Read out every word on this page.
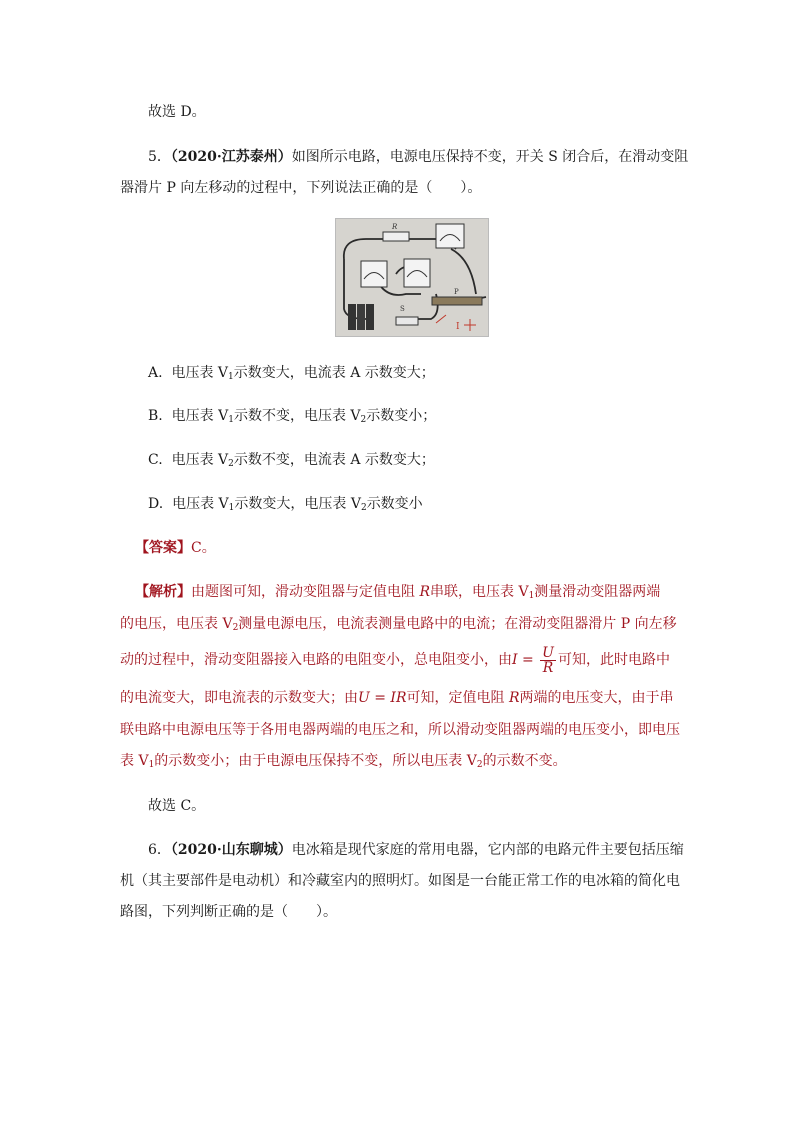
故选 D。
5．（2020·江苏泰州）如图所示电路，电源电压保持不变，开关 S 闭合后，在滑动变阻
器滑片 P 向左移动的过程中，下列说法正确的是（　　）。
R
S
P
I
A. 电压表 $V_1$示数变大，电流表 A 示数变大；
B. 电压表 $V_1$示数不变，电压表 $V_2$示数变小；
C. 电压表 $V_2$示数不变，电流表 A 示数变大；
D. 电压表 $V_1$示数变大，电压表 $V_2$示数变小
【答案】C。
【解析】由题图可知，滑动变阻器与定值电阻 R串联，电压表 $V_1$测量滑动变阻器两端
的电压，电压表 $V_2$测量电源电压，电流表测量电路中的电流；在滑动变阻器滑片 P 向左移
动的过程中，滑动变阻器接入电路的电阻变小，总电阻变小，由$I = \frac{U}{R}$ 可知，此时电路中
的电流变大，即电流表的示数变大；由U = IR可知，定值电阻 R两端的电压变大，由于串
联电路中电源电压等于各用电器两端的电压之和，所以滑动变阻器两端的电压变小，即电压
表 $V_1$的示数变小；由于电源电压保持不变，所以电压表 $V_2$的示数不变。
故选 C。
6．（2020·山东聊城）电冰箱是现代家庭的常用电器，它内部的电路元件主要包括压缩
机（其主要部件是电动机）和冷藏室内的照明灯。如图是一台能正常工作的电冰箱的简化电
路图，下列判断正确的是（　　）。
